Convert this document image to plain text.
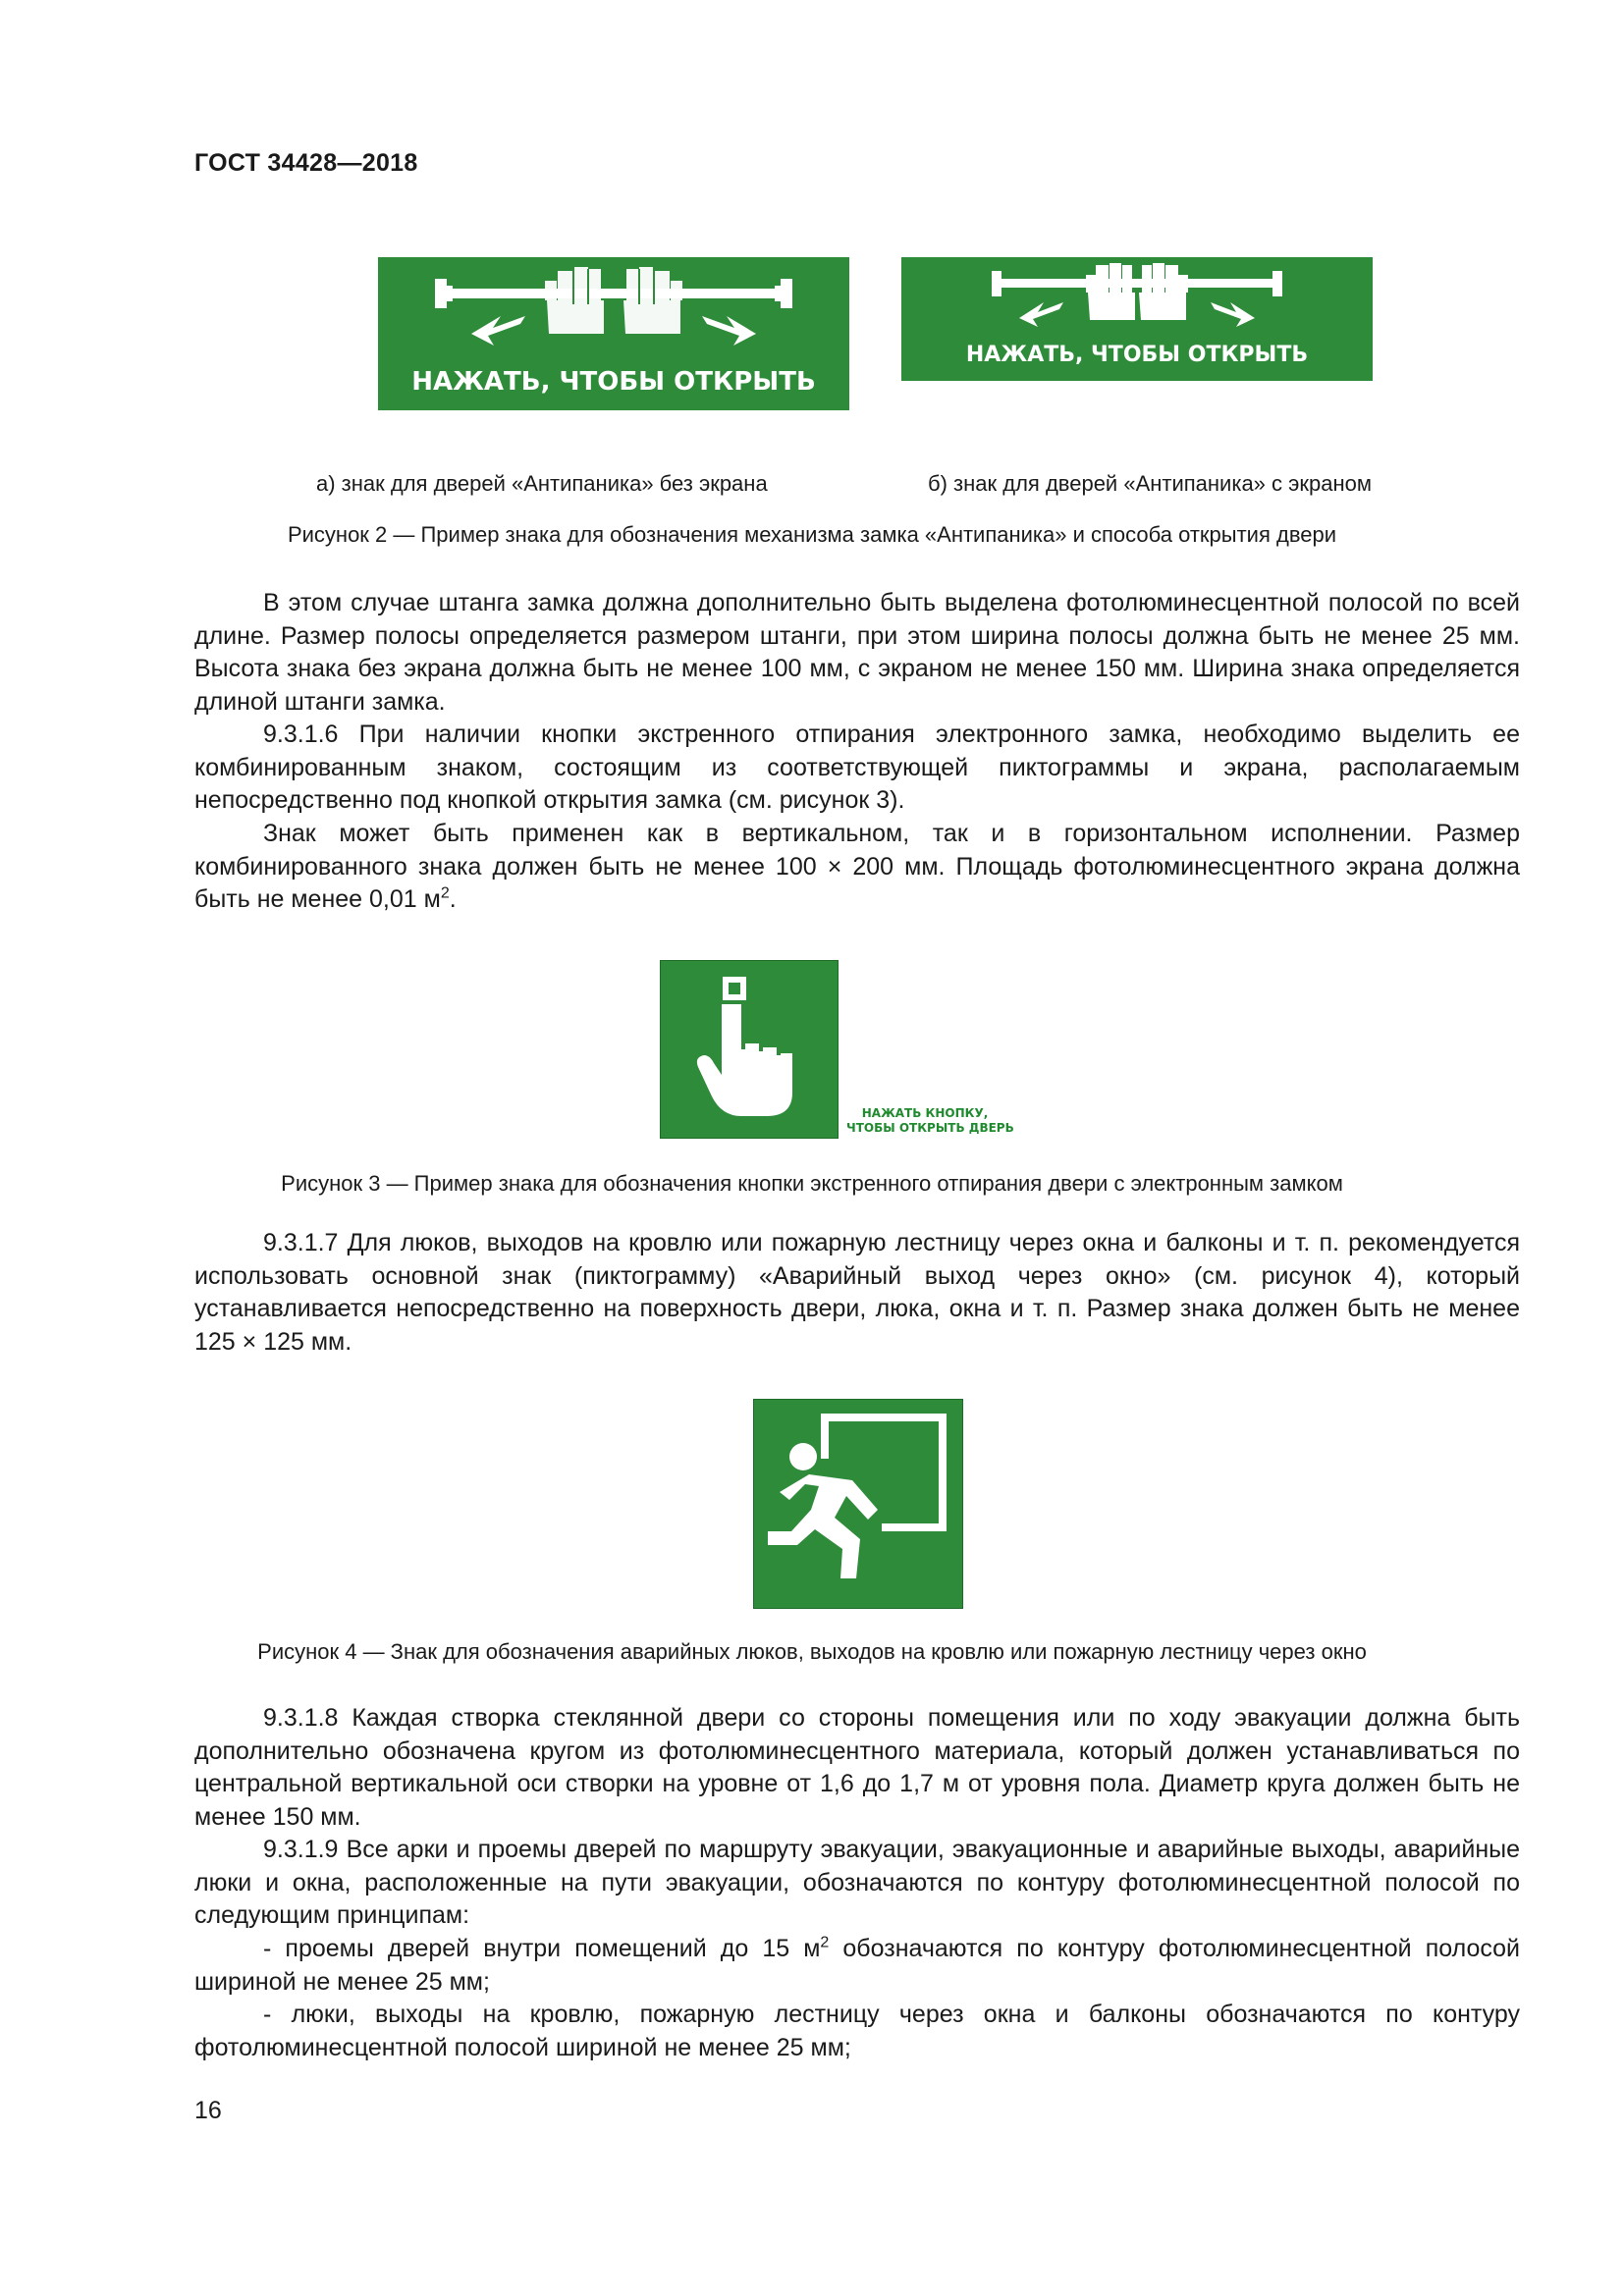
ГОСТ 34428—2018
НАЖАТЬ, ЧТОБЫ ОТКРЫТЬ
НАЖАТЬ, ЧТОБЫ ОТКРЫТЬ
а) знак для дверей «Антипаника» без экрана	б) знак для дверей «Антипаника» с экраном
Рисунок 2 — Пример знака для обозначения механизма замка «Антипаника» и способа открытия двери

В этом случае штанга замка должна дополнительно быть выделена фотолюминесцентной полосой по всей длине. Размер полосы определяется размером штанги, при этом ширина полосы должна быть не менее 25 мм. Высота знака без экрана должна быть не менее 100 мм, с экраном не менее 150 мм. Ширина знака определяется длиной штанги замка.

9.3.1.6 При наличии кнопки экстренного отпирания электронного замка, необходимо выделить ее комбинированным знаком, состоящим из соответствующей пиктограммы и экрана, располагаемым непосредственно под кнопкой открытия замка (см. рисунок 3).

Знак может быть применен как в вертикальном, так и в горизонтальном исполнении. Размер комбинированного знака должен быть не менее 100 × 200 мм. Площадь фотолюминесцентного экрана должна быть не менее 0,01 $м^2$.

НАЖАТЬ КНОПКУ,
ЧТОБЫ ОТКРЫТЬ ДВЕРЬ
Рисунок 3 — Пример знака для обозначения кнопки экстренного отпирания двери с электронным замком

9.3.1.7 Для люков, выходов на кровлю или пожарную лестницу через окна и балконы и т. п. рекомендуется использовать основной знак (пиктограмму) «Аварийный выход через окно» (см. рисунок 4), который устанавливается непосредственно на поверхность двери, люка, окна и т. п. Размер знака должен быть не менее 125 × 125 мм.

Рисунок 4 — Знак для обозначения аварийных люков, выходов на кровлю или пожарную лестницу через окно

9.3.1.8 Каждая створка стеклянной двери со стороны помещения или по ходу эвакуации должна быть дополнительно обозначена кругом из фотолюминесцентного материала, который должен устанавливаться по центральной вертикальной оси створки на уровне от 1,6 до 1,7 м от уровня пола. Диаметр круга должен быть не менее 150 мм.

9.3.1.9 Все арки и проемы дверей по маршруту эвакуации, эвакуационные и аварийные выходы, аварийные люки и окна, расположенные на пути эвакуации, обозначаются по контуру фотолюминесцентной полосой по следующим принципам:

- проемы дверей внутри помещений до 15 $м^2$ обозначаются по контуру фотолюминесцентной полосой шириной не менее 25 мм;

- люки, выходы на кровлю, пожарную лестницу через окна и балконы обозначаются по контуру фотолюминесцентной полосой шириной не менее 25 мм;

16
